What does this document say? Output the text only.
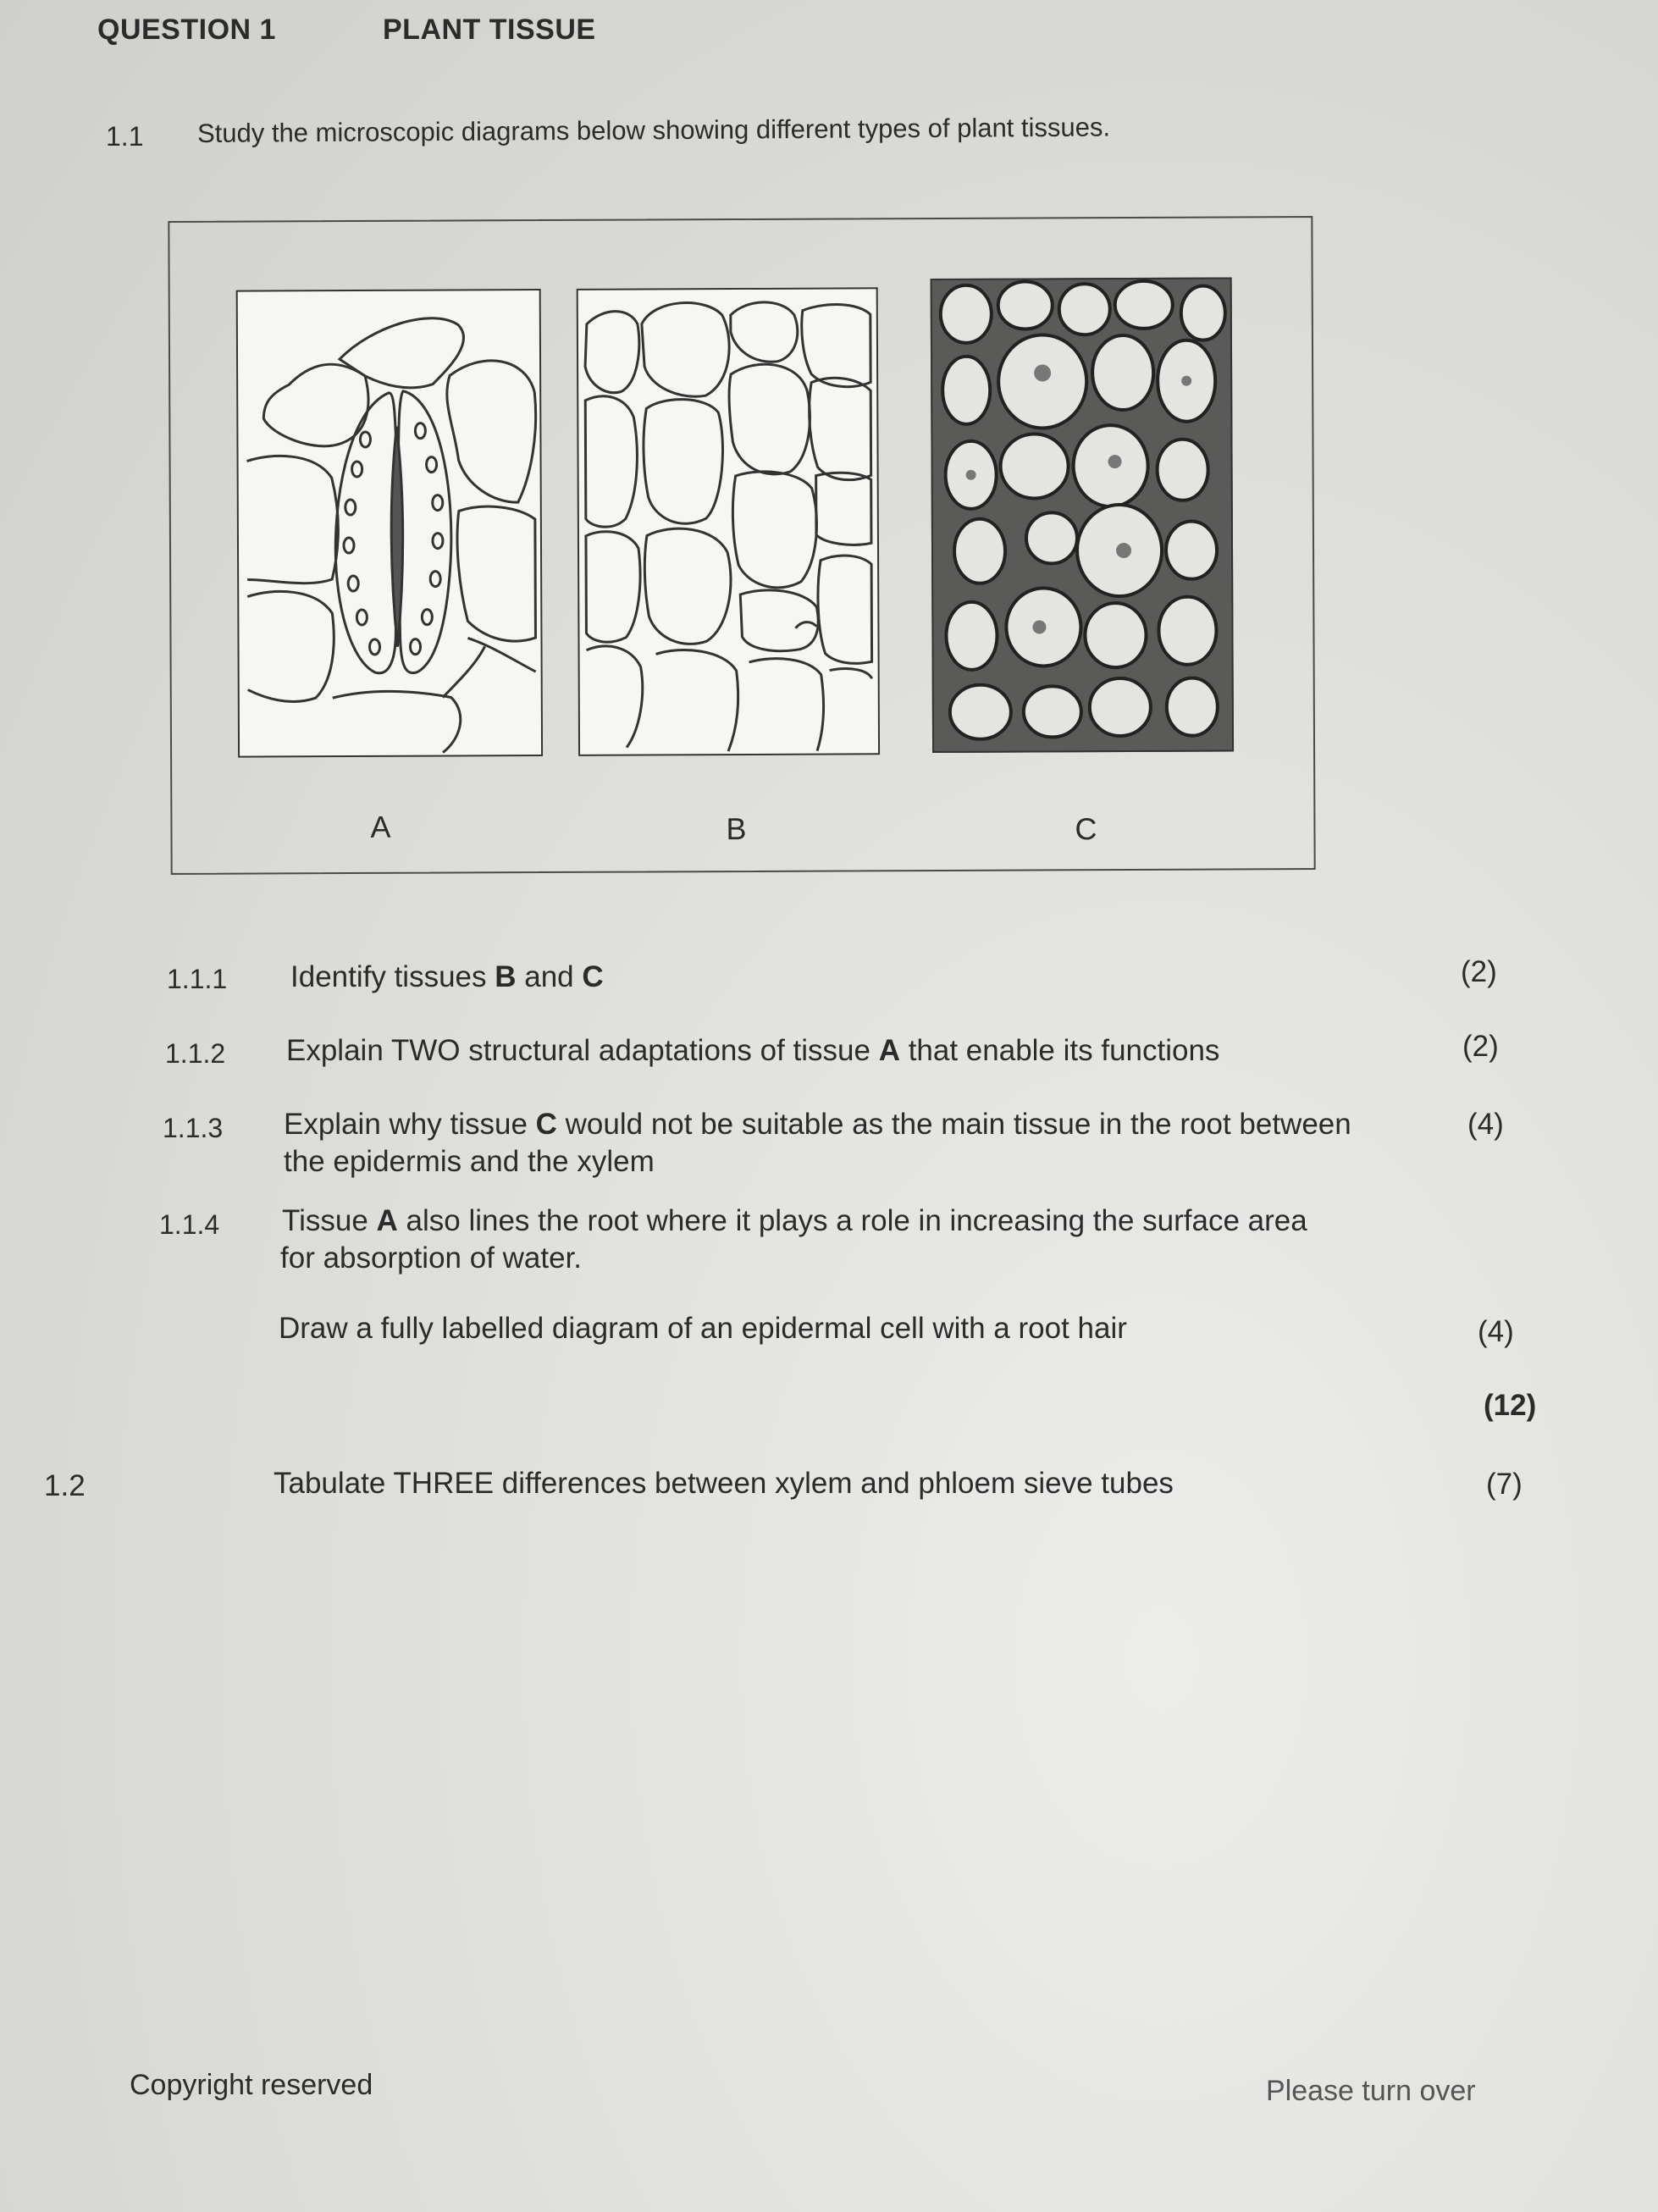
QUESTION 1	PLANT TISSUE
1.1 Study the microscopic diagrams below showing different types of plant tissues.
A	B	C
1.1.1 Identify tissues B and C	(2)
1.1.2 Explain TWO structural adaptations of tissue A that enable its functions	(2)
1.1.3 Explain why tissue C would not be suitable as the main tissue in the root between
the epidermis and the xylem
(4)
1.1.4 Tissue A also lines the root where it plays a role in increasing the surface area
for absorption of water.
Draw a fully labelled diagram of an epidermal cell with a root hair	(4)
(12)
1.2	Tabulate THREE differences between xylem and phloem sieve tubes	(7)
Copyright reserved	Please turn over
